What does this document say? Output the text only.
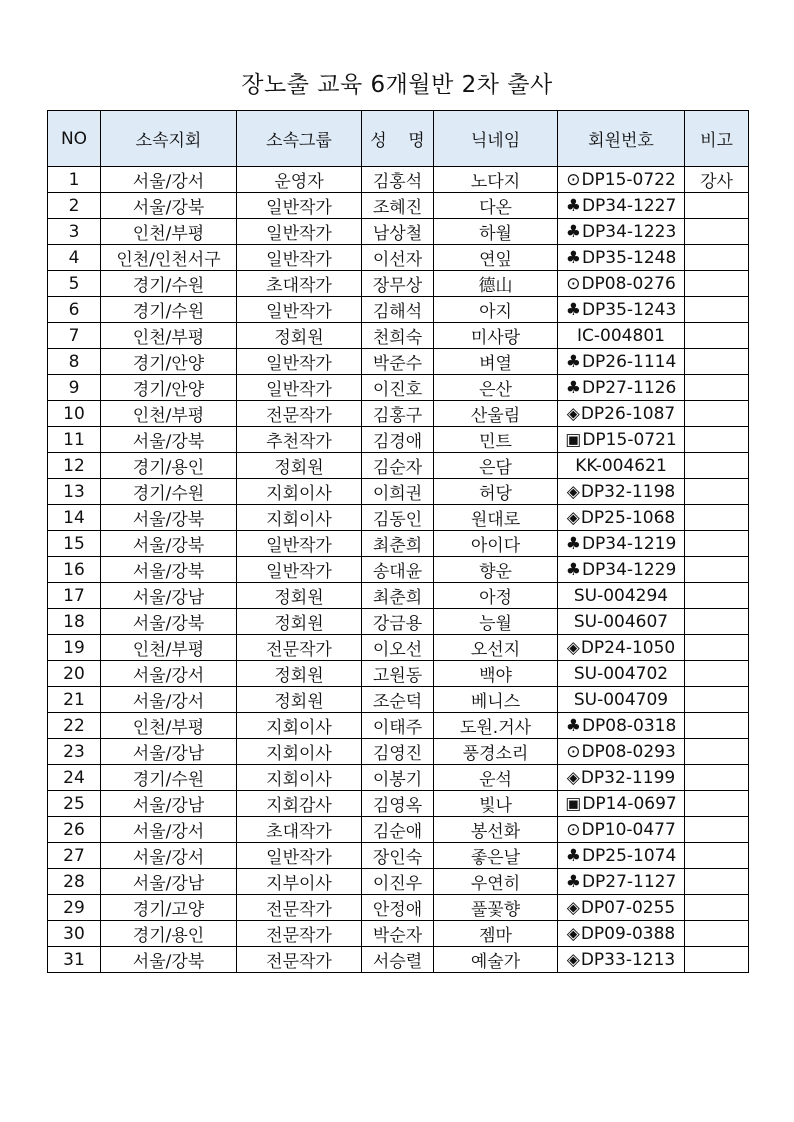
장노출 교육 6개월반 2차 출사
NO	소속지회	소속그룹	성    명	닉네임	회원번호	비고
1	서울/강서	운영자	김홍석	노다지	⊙DP15-0722	강사
2	서울/강북	일반작가	조혜진	다온	♣DP34-1227	
3	인천/부평	일반작가	남상철	하월	♣DP34-1223	
4	인천/인천서구	일반작가	이선자	연잎	♣DP35-1248	
5	경기/수원	초대작가	장무상	德山	⊙DP08-0276	
6	경기/수원	일반작가	김해석	아지	♣DP35-1243	
7	인천/부평	정회원	천희숙	미사랑	IC-004801	
8	경기/안양	일반작가	박준수	벼열	♣DP26-1114	
9	경기/안양	일반작가	이진호	은산	♣DP27-1126	
10	인천/부평	전문작가	김홍구	산울림	◈DP26-1087	
11	서울/강북	추천작가	김경애	민트	▣DP15-0721	
12	경기/용인	정회원	김순자	은담	KK-004621	
13	경기/수원	지회이사	이희권	허당	◈DP32-1198	
14	서울/강북	지회이사	김동인	원대로	◈DP25-1068	
15	서울/강북	일반작가	최춘희	아이다	♣DP34-1219	
16	서울/강북	일반작가	송대윤	향운	♣DP34-1229	
17	서울/강남	정회원	최춘희	아정	SU-004294	
18	서울/강북	정회원	강금용	능월	SU-004607	
19	인천/부평	전문작가	이오선	오선지	◈DP24-1050	
20	서울/강서	정회원	고원동	백야	SU-004702	
21	서울/강서	정회원	조순덕	베니스	SU-004709	
22	인천/부평	지회이사	이태주	도원.거사	♣DP08-0318	
23	서울/강남	지회이사	김영진	풍경소리	⊙DP08-0293	
24	경기/수원	지회이사	이봉기	운석	◈DP32-1199	
25	서울/강남	지회감사	김영옥	빛나	▣DP14-0697	
26	서울/강서	초대작가	김순애	봉선화	⊙DP10-0477	
27	서울/강서	일반작가	장인숙	좋은날	♣DP25-1074	
28	서울/강남	지부이사	이진우	우연히	♣DP27-1127	
29	경기/고양	전문작가	안정애	풀꽃향	◈DP07-0255	
30	경기/용인	전문작가	박순자	젬마	◈DP09-0388	
31	서울/강북	전문작가	서승렬	예술가	◈DP33-1213	
